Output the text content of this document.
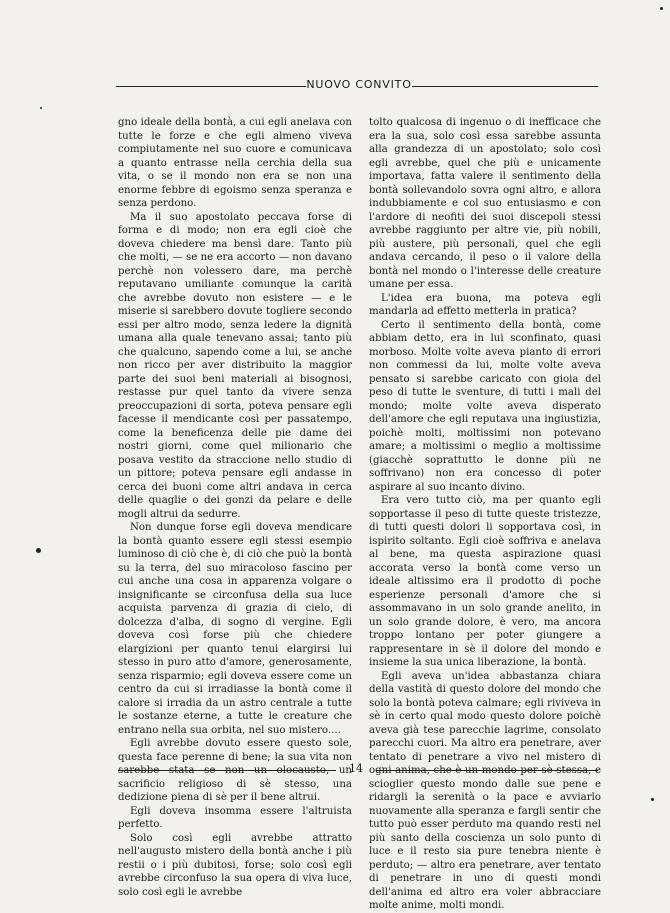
NUOVO CONVITO

gno ideale della bontà, a cui egli anelava con tutte le forze e che egli almeno viveva compiutamente nel suo cuore e comunicava a quanto entrasse nella cerchia della sua vita, o se il mondo non era se non una enorme febbre di egoismo senza speranza e senza perdono.

Ma il suo apostolato peccava forse di forma e di modo; non era egli cioè che doveva chiedere ma bensì dare. Tanto più che molti, — se ne era accorto — non davano perchè non volessero dare, ma perchè reputavano umiliante comunque la carità che avrebbe dovuto non esistere — e le miserie si sarebbero dovute togliere secondo essi per altro modo, senza ledere la dignità umana alla quale tenevano assai; tanto più che qualcuno, sapendo come a lui, se anche non ricco per aver distribuito la maggior parte dei suoi beni materiali ai bisognosi, restasse pur quel tanto da vivere senza preoccupazioni di sorta, poteva pensare egli facesse il mendicante così per passatempo, come la beneficenza delle pie dame dei nostri giorni, come quel milionario che posava vestito da straccione nello studio di un pittore; poteva pensare egli andasse in cerca dei buoni come altri andava in cerca delle quaglie o dei gonzi da pelare e delle mogli altrui da sedurre.

Non dunque forse egli doveva mendicare la bontà quanto essere egli stessi esempio luminoso di ciò che è, di ciò che può la bontà su la terra, del suo miracoloso fascino per cui anche una cosa in apparenza volgare o insignificante se circonfusa della sua luce acquista parvenza di grazia di cielo, di dolcezza d'alba, di sogno di vergine. Egli doveva così forse più che chiedere elargizioni per quanto tenui elargirsi lui stesso in puro atto d'amore, generosamente, senza risparmio; egli doveva essere come un centro da cui si irradiasse la bontà come il calore si irradia da un astro centrale a tutte le sostanze eterne, a tutte le creature che entrano nella sua orbita, nel suo mistero....

Egli avrebbe dovuto essere questo sole, questa face perenne di bene; la sua vita non sarebbe stata se non un olocausto, un sacrificio religioso di sè stesso, una dedizione piena di sè per il bene altrui.

Egli doveva insomma essere l'altruista perfetto.

Solo così egli avrebbe attratto nell'augusto mistero della bontà anche i più restii o i più dubitosi, forse; solo così egli avrebbe circonfuso la sua opera di viva luce, solo così egli le avrebbe

tolto qualcosa di ingenuo o di inefficace che era la sua, solo così essa sarebbe assunta alla grandezza di un apostolato; solo così egli avrebbe, quel che più e unicamente importava, fatta valere il sentimento della bontà sollevandolo sovra ogni altro, e allora indubbiamente e col suo entusiasmo e con l'ardore di neofiti dei suoi discepoli stessi avrebbe raggiunto per altre vie, più nobili, più austere, più personali, quel che egli andava cercando, il peso o il valore della bontà nel mondo o l'interesse delle creature umane per essa.

L'idea era buona, ma poteva egli mandarla ad effetto metterla in pratica?

Certo il sentimento della bontà, come abbiam detto, era in lui sconfinato, quasi morboso. Molte volte aveva pianto di errori non commessi da lui, molte volte aveva pensato si sarebbe caricato con gioia del peso di tutte le sventure, di tutti i mali del mondo; molte volte aveva disperato dell'amore che egli reputava una ingiustizia, poichè molti, moltissimi non potevano amare; a moltissimi o meglio a moltissime (giacchè soprattutto le donne più ne soffrivano) non era concesso di poter aspirare al suo incanto divino.

Era vero tutto ciò, ma per quanto egli sopportasse il peso di tutte queste tristezze, di tutti questi dolori li sopportava così, in ispirito soltanto. Egli cioè soffriva e anelava al bene, ma questa aspirazione quasi accorata verso la bontà come verso un ideale altissimo era il prodotto di poche esperienze personali d'amore che si assommavano in un solo grande anelito, in un solo grande dolore, è vero, ma ancora troppo lontano per poter giungere a rappresentare in sè il dolore del mondo e insieme la sua unica liberazione, la bontà.

Egli aveva un'idea abbastanza chiara della vastità di questo dolore del mondo che solo la bontà poteva calmare; egli riviveva in sè in certo qual modo questo dolore poichè aveva già tese parecchie lagrime, consolato parecchi cuori. Ma altro era penetrare, aver tentato di penetrare a vivo nel mistero di ogni anima, che è un mondo per sè stessa, e scioglier questo mondo dalle sue pene e ridargli la serenità o la pace e avviarlo nuovamente alla speranza e fargli sentir che tutto può esser perduto ma quando resti nel più santo della coscienza un solo punto di luce e il resto sia pure tenebra niente è perduto; — altro era penetrare, aver tentato di penetrare in uno di questi mondi dell'anima ed altro era voler abbracciare molte anime, molti mondi.

14
